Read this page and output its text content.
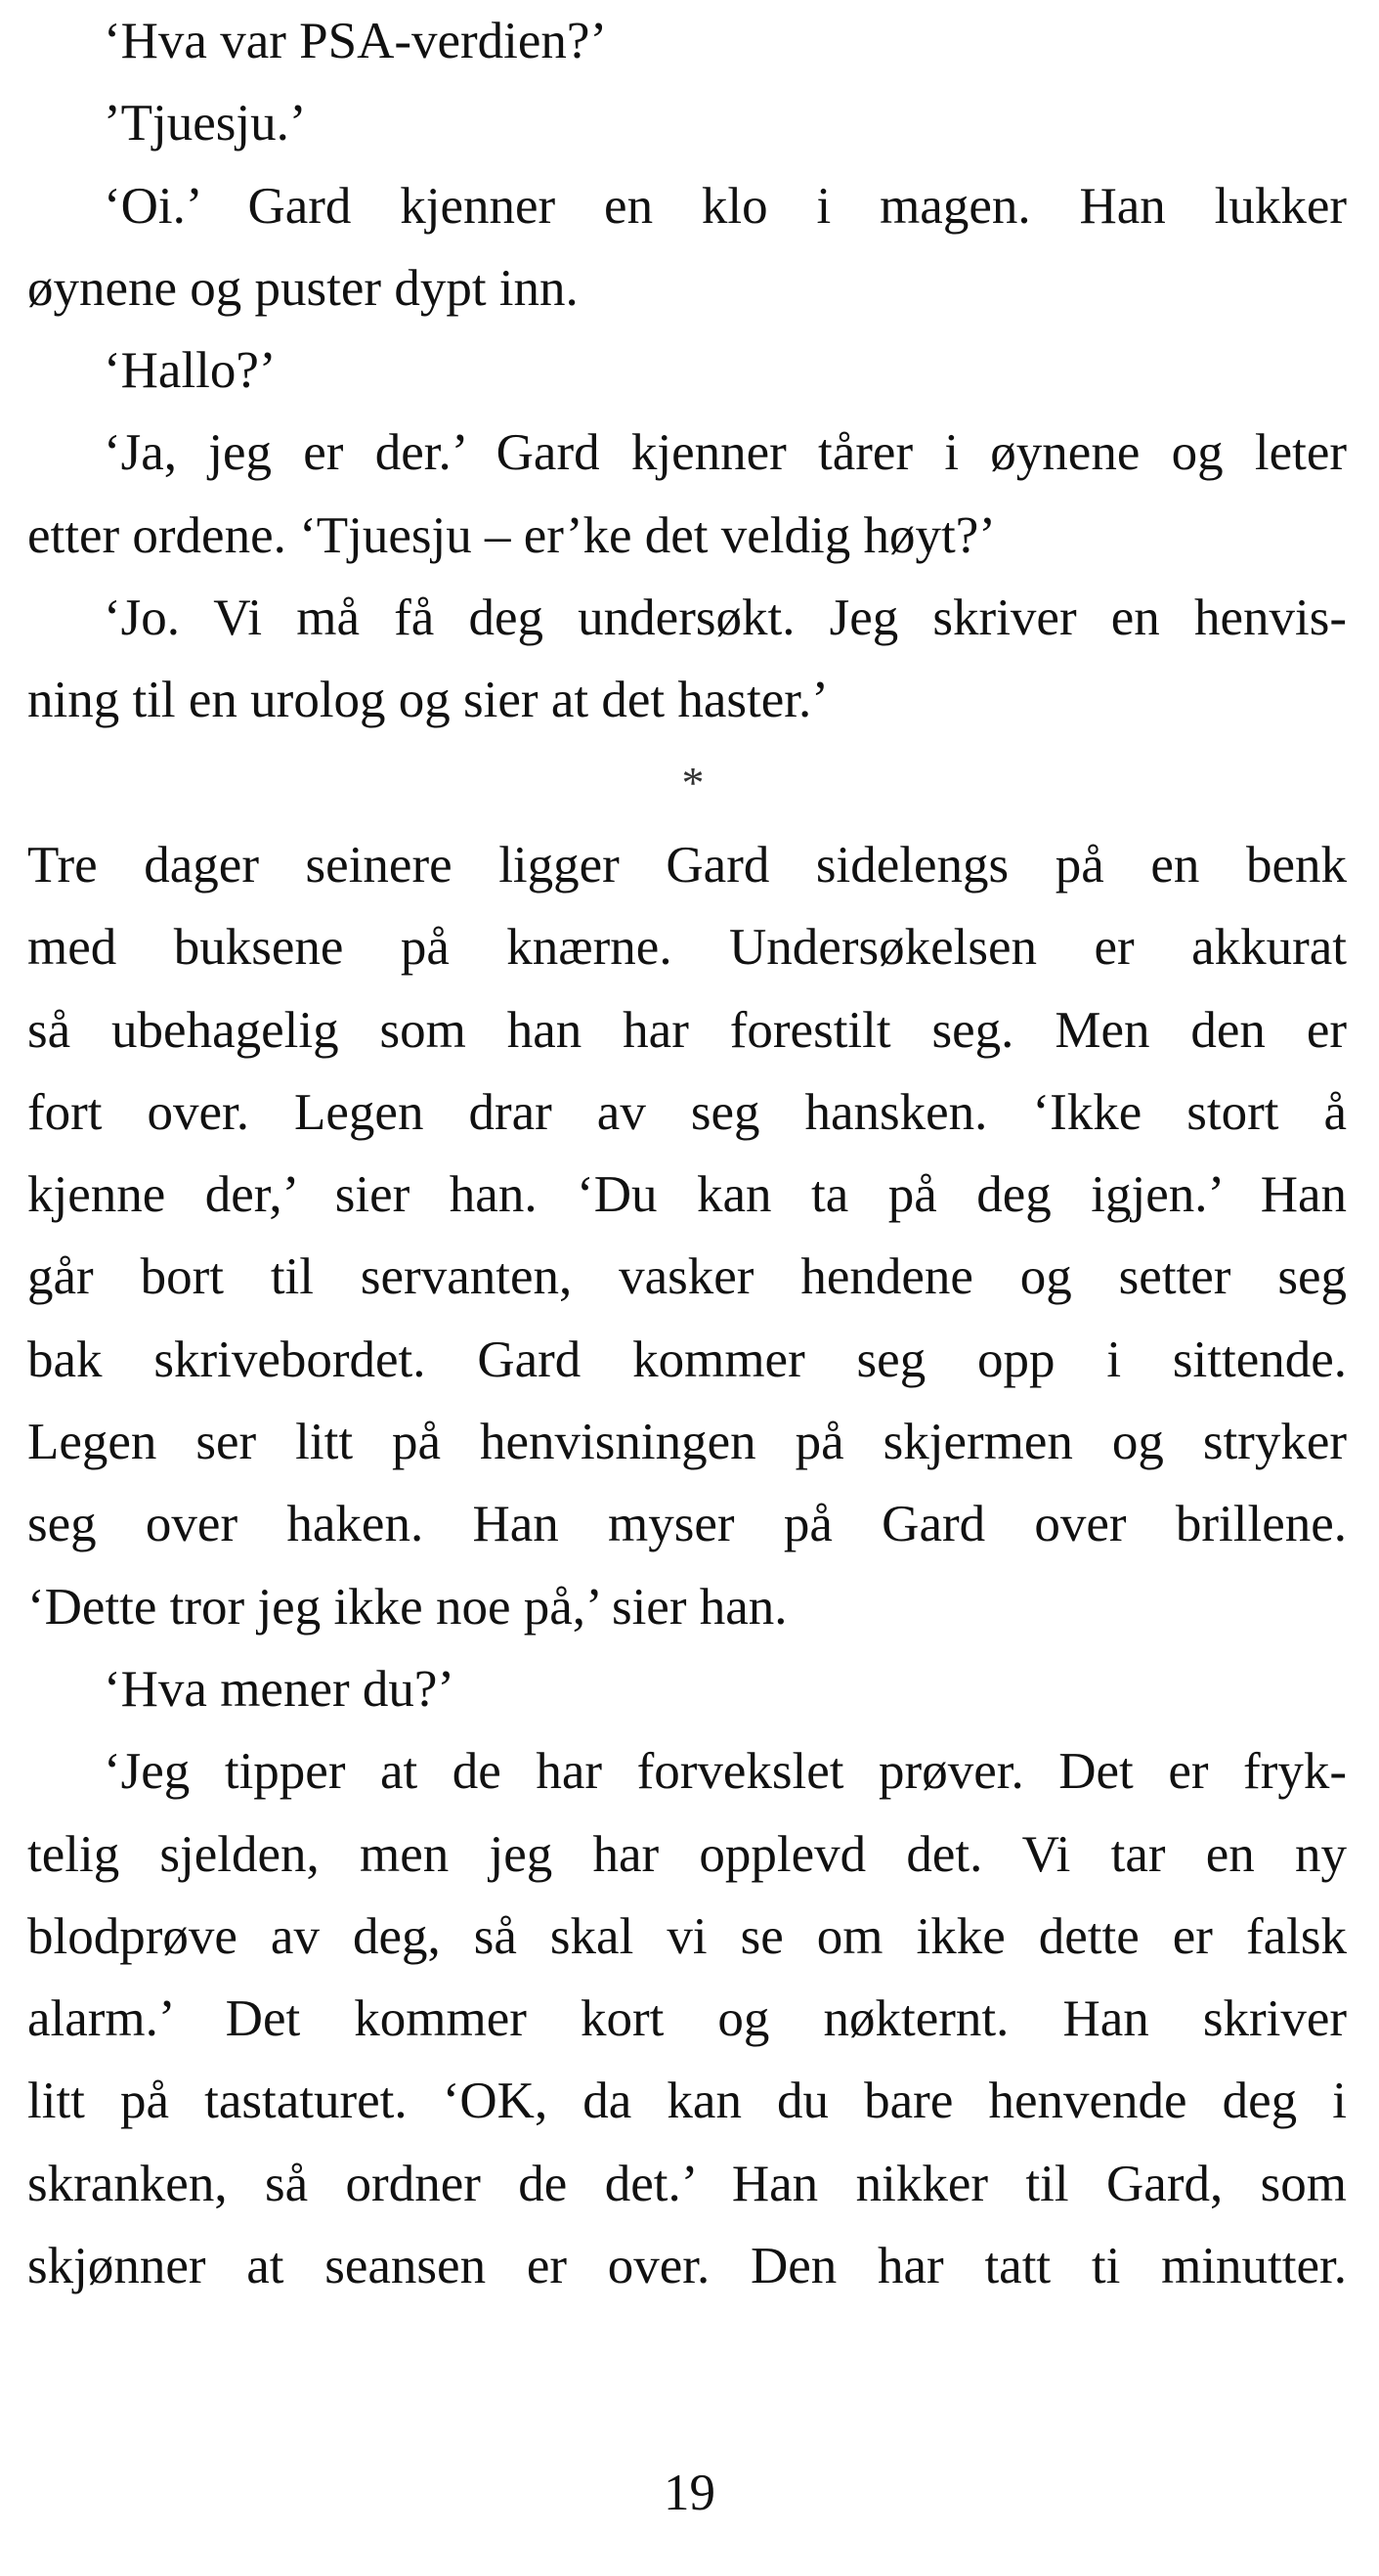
‘Hva var PSA-verdien?’
’Tjuesju.’
‘Oi.’ Gard kjenner en klo i magen. Han lukker
øynene og puster dypt inn.
‘Hallo?’
‘Ja, jeg er der.’ Gard kjenner tårer i øynene og leter
etter ordene. ‘Tjuesju – er’ke det veldig høyt?’
‘Jo. Vi må få deg undersøkt. Jeg skriver en henvis-
ning til en urolog og sier at det haster.’
*
Tre dager seinere ligger Gard sidelengs på en benk
med buksene på knærne. Undersøkelsen er akkurat
så ubehagelig som han har forestilt seg. Men den er
fort over. Legen drar av seg hansken. ‘Ikke stort å
kjenne der,’ sier han. ‘Du kan ta på deg igjen.’ Han
går bort til servanten, vasker hendene og setter seg
bak skrivebordet. Gard kommer seg opp i sittende.
Legen ser litt på henvisningen på skjermen og stryker
seg over haken. Han myser på Gard over brillene.
‘Dette tror jeg ikke noe på,’ sier han.
‘Hva mener du?’
‘Jeg tipper at de har forvekslet prøver. Det er fryk-
telig sjelden, men jeg har opplevd det. Vi tar en ny
blodprøve av deg, så skal vi se om ikke dette er falsk
alarm.’ Det kommer kort og nøkternt. Han skriver
litt på tastaturet. ‘OK, da kan du bare henvende deg i
skranken, så ordner de det.’ Han nikker til Gard, som
skjønner at seansen er over. Den har tatt ti minutter.
19
